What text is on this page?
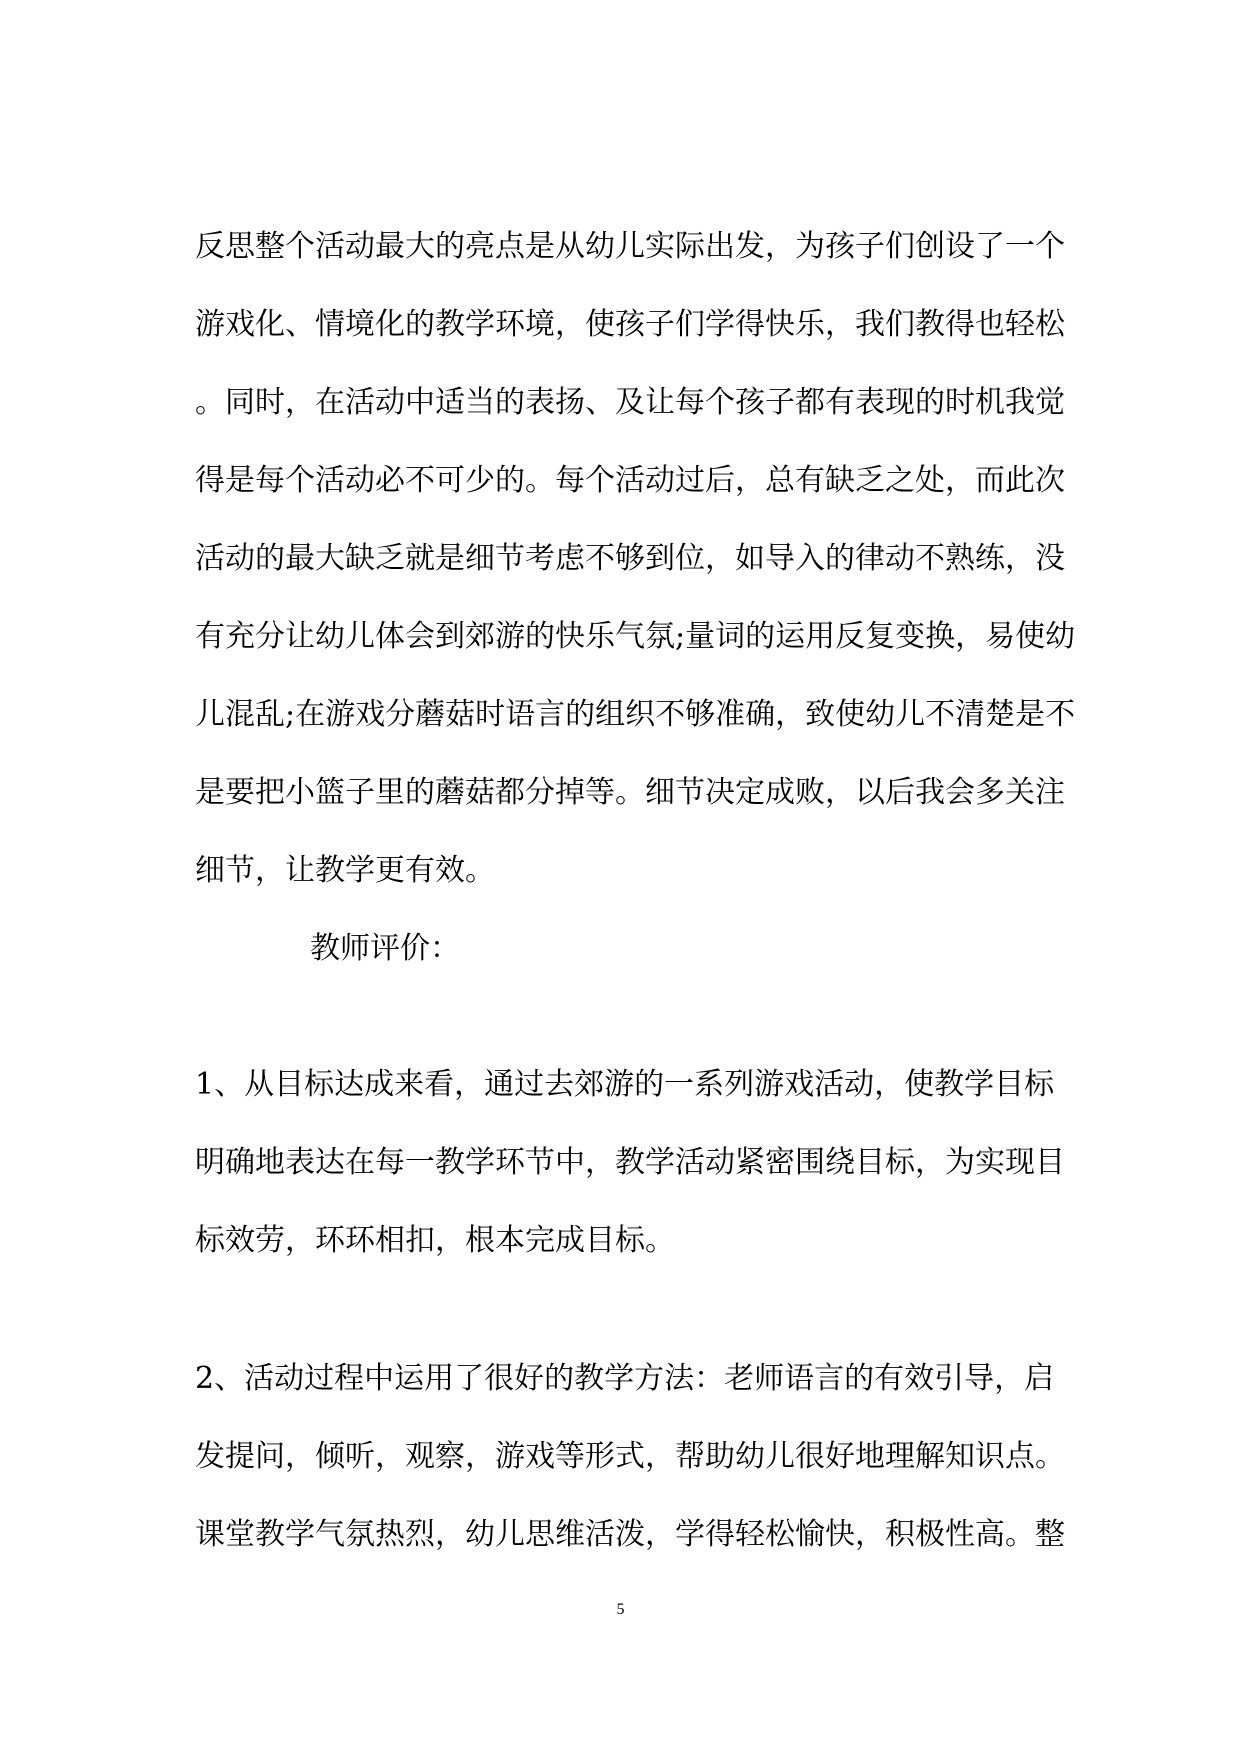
反思整个活动最大的亮点是从幼儿实际出发，为孩子们创设了一个
游戏化、情境化的教学环境，使孩子们学得快乐，我们教得也轻松
。同时，在活动中适当的表扬、及让每个孩子都有表现的时机我觉
得是每个活动必不可少的。每个活动过后，总有缺乏之处，而此次
活动的最大缺乏就是细节考虑不够到位，如导入的律动不熟练，没
有充分让幼儿体会到郊游的快乐气氛;量词的运用反复变换，易使幼
儿混乱;在游戏分蘑菇时语言的组织不够准确，致使幼儿不清楚是不
是要把小篮子里的蘑菇都分掉等。细节决定成败，以后我会多关注
细节，让教学更有效。
教师评价：
1、从目标达成来看，通过去郊游的一系列游戏活动，使教学目标
明确地表达在每一教学环节中，教学活动紧密围绕目标，为实现目
标效劳，环环相扣，根本完成目标。
2、活动过程中运用了很好的教学方法：老师语言的有效引导，启
发提问，倾听，观察，游戏等形式，帮助幼儿很好地理解知识点。
课堂教学气氛热烈，幼儿思维活泼，学得轻松愉快，积极性高。整
5
